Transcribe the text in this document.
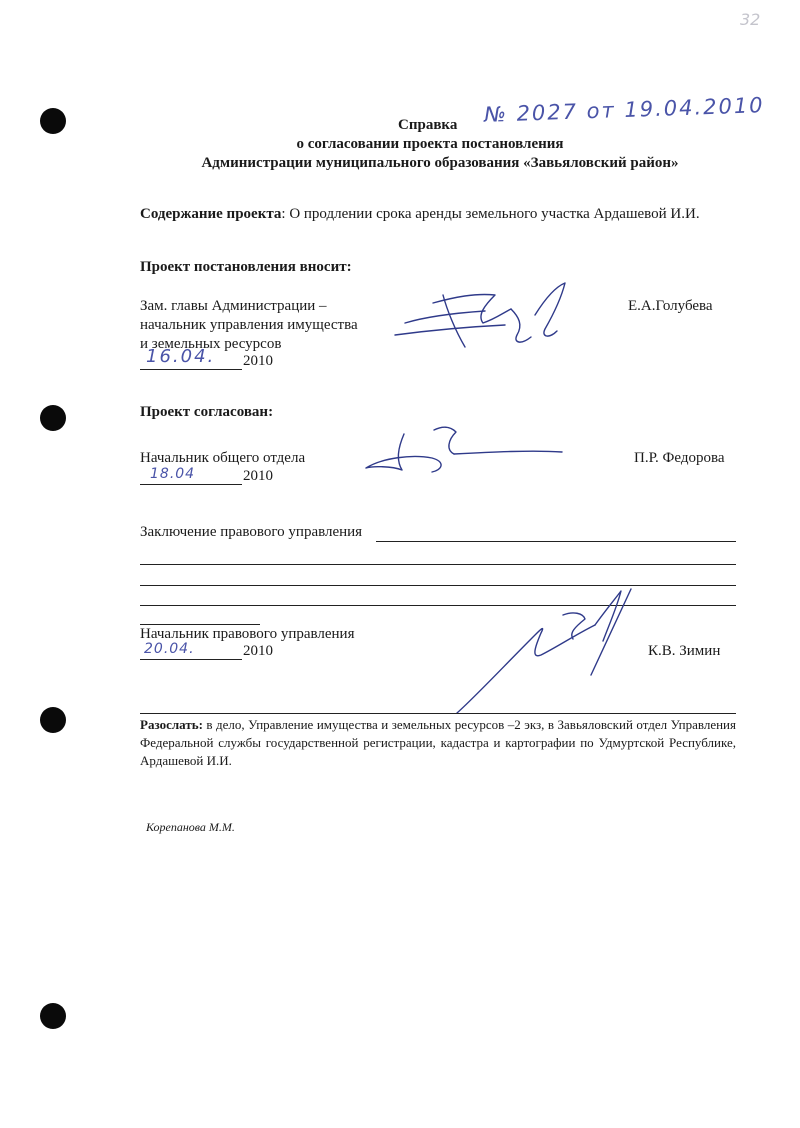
32
Справка № 2027 от 19.04.2010
о согласовании проекта постановления
Администрации муниципального образования «Завьяловский район»
Содержание проекта: О продлении срока аренды земельного участка Ардашевой И.И.
Проект постановления вносит:
Зам. главы Администрации –
начальник управления имущества
и земельных ресурсов
16.04. 2010
Е.А.Голубева
Проект согласован:
Начальник общего отдела
18.04	2010
П.Р. Федорова
Заключение правового управления
Начальник правового управления
20.04.	2010	К.В. Зимин
Разослать: в дело, Управление имущества и земельных ресурсов –2 экз, в Завьяловский отдел Управления Федеральной службы государственной регистрации, кадастра и картографии по Удмуртской Республике, Ардашевой И.И.
Корепанова М.М.
